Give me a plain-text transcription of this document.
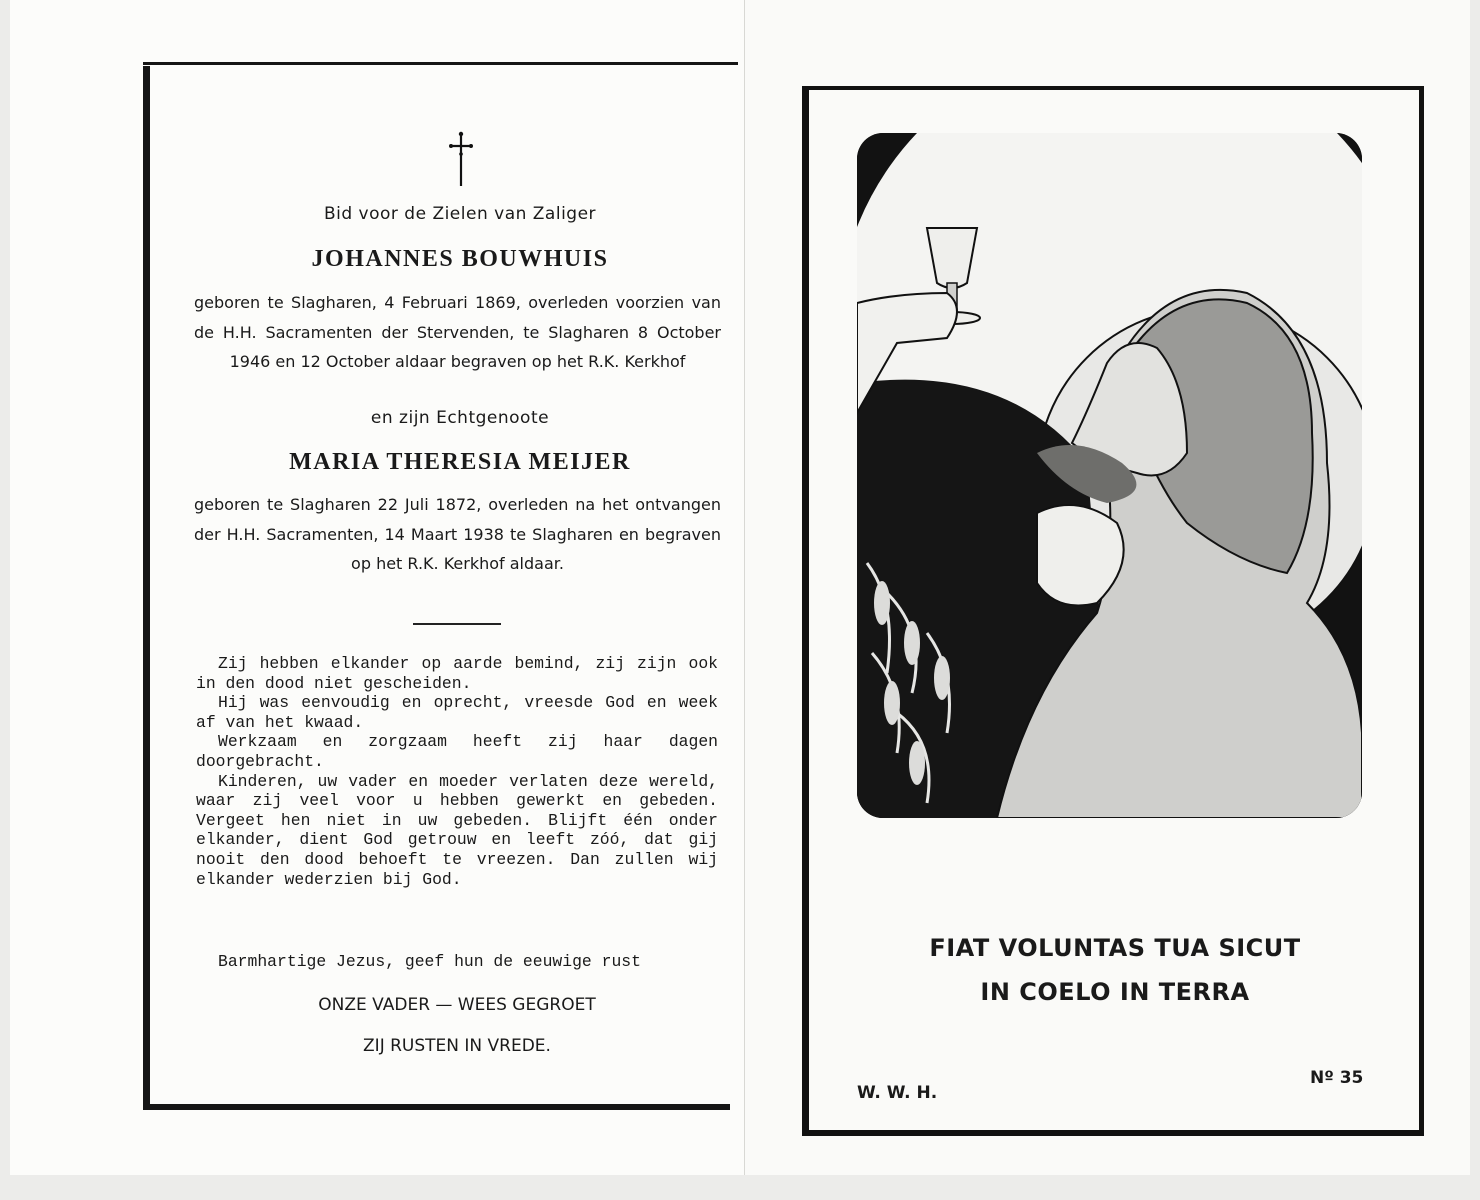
Bid voor de Zielen van Zaliger
JOHANNES BOUWHUIS

geboren te Slagharen, 4 Februari 1869, overleden voorzien van de H.H. Sacramenten der Stervenden, te Slagharen 8 October 1946 en 12 October aldaar begraven op het R.K. Kerkhof

en zijn Echtgenoote
MARIA THERESIA MEIJER

geboren te Slagharen 22 Juli 1872, overleden na het ontvangen der H.H. Sacramenten, 14 Maart 1938 te Slagharen en begraven op het R.K. Kerkhof aldaar.

Zij hebben elkander op aarde bemind, zij zijn ook in den dood niet gescheiden.

Hij was eenvoudig en oprecht, vreesde God en week af van het kwaad.

Werkzaam en zorgzaam heeft zij haar dagen doorgebracht.

Kinderen, uw vader en moeder verlaten deze wereld, waar zij veel voor u hebben gewerkt en gebeden. Vergeet hen niet in uw gebeden. Blijft één onder elkander, dient God getrouw en leeft zóó, dat gij nooit den dood behoeft te vreezen. Dan zullen wij elkander wederzien bij God.

Barmhartige Jezus, geef hun de eeuwige rust

ONZE VADER — WEES GEGROET
ZIJ RUSTEN IN VREDE.
FIAT VOLUNTAS TUA SICUT
IN COELO IN TERRA
W. W. H.
Nº 35
